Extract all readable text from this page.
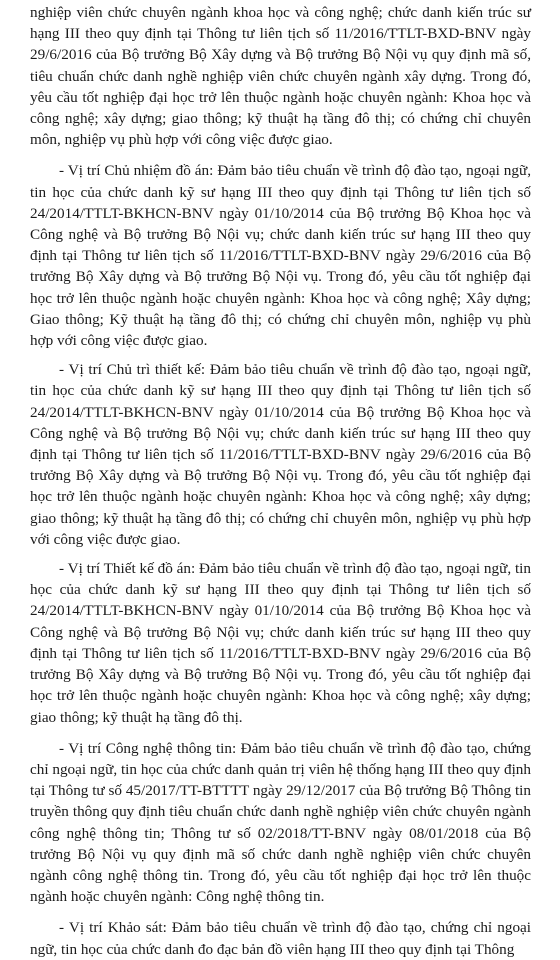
nghiệp viên chức chuyên ngành khoa học và công nghệ; chức danh kiến trúc sư hạng III theo quy định tại Thông tư liên tịch số 11/2016/TTLT-BXD-BNV ngày 29/6/2016 của Bộ trưởng Bộ Xây dựng và Bộ trưởng Bộ Nội vụ quy định mã số, tiêu chuẩn chức danh nghề nghiệp viên chức chuyên ngành xây dựng. Trong đó, yêu cầu tốt nghiệp đại học trở lên thuộc ngành hoặc chuyên ngành: Khoa học và công nghệ; xây dựng; giao thông; kỹ thuật hạ tầng đô thị; có chứng chỉ chuyên môn, nghiệp vụ phù hợp với công việc được giao.

- Vị trí Chủ nhiệm đồ án: Đảm bảo tiêu chuẩn về trình độ đào tạo, ngoại ngữ, tin học của chức danh kỹ sư hạng III theo quy định tại Thông tư liên tịch số 24/2014/TTLT-BKHCN-BNV ngày 01/10/2014 của Bộ trưởng Bộ Khoa học và Công nghệ và Bộ trưởng Bộ Nội vụ; chức danh kiến trúc sư hạng III theo quy định tại Thông tư liên tịch số 11/2016/TTLT-BXD-BNV ngày 29/6/2016 của Bộ trưởng Bộ Xây dựng và Bộ trưởng Bộ Nội vụ. Trong đó, yêu cầu tốt nghiệp đại học trở lên thuộc ngành hoặc chuyên ngành: Khoa học và công nghệ; Xây dựng; Giao thông; Kỹ thuật hạ tầng đô thị; có chứng chỉ chuyên môn, nghiệp vụ phù hợp với công việc được giao.

- Vị trí Chủ trì thiết kế: Đảm bảo tiêu chuẩn về trình độ đào tạo, ngoại ngữ, tin học của chức danh kỹ sư hạng III theo quy định tại Thông tư liên tịch số 24/2014/TTLT-BKHCN-BNV ngày 01/10/2014 của Bộ trưởng Bộ Khoa học và Công nghệ và Bộ trưởng Bộ Nội vụ; chức danh kiến trúc sư hạng III theo quy định tại Thông tư liên tịch số 11/2016/TTLT-BXD-BNV ngày 29/6/2016 của Bộ trưởng Bộ Xây dựng và Bộ trưởng Bộ Nội vụ. Trong đó, yêu cầu tốt nghiệp đại học trở lên thuộc ngành hoặc chuyên ngành: Khoa học và công nghệ; xây dựng; giao thông; kỹ thuật hạ tầng đô thị; có chứng chỉ chuyên môn, nghiệp vụ phù hợp với công việc được giao.

- Vị trí Thiết kế đồ án: Đảm bảo tiêu chuẩn về trình độ đào tạo, ngoại ngữ, tin học của chức danh kỹ sư hạng III theo quy định tại Thông tư liên tịch số 24/2014/TTLT-BKHCN-BNV ngày 01/10/2014 của Bộ trưởng Bộ Khoa học và Công nghệ và Bộ trưởng Bộ Nội vụ; chức danh kiến trúc sư hạng III theo quy định tại Thông tư liên tịch số 11/2016/TTLT-BXD-BNV ngày 29/6/2016 của Bộ trưởng Bộ Xây dựng và Bộ trưởng Bộ Nội vụ. Trong đó, yêu cầu tốt nghiệp đại học trở lên thuộc ngành hoặc chuyên ngành: Khoa học và công nghệ; xây dựng; giao thông; kỹ thuật hạ tầng đô thị.

- Vị trí Công nghệ thông tin: Đảm bảo tiêu chuẩn về trình độ đào tạo, chứng chỉ ngoại ngữ, tin học của chức danh quản trị viên hệ thống hạng III theo quy định tại Thông tư số 45/2017/TT-BTTTT ngày 29/12/2017 của Bộ trưởng Bộ Thông tin truyền thông quy định tiêu chuẩn chức danh nghề nghiệp viên chức chuyên ngành công nghệ thông tin; Thông tư số 02/2018/TT-BNV ngày 08/01/2018 của Bộ trưởng Bộ Nội vụ quy định mã số chức danh nghề nghiệp viên chức chuyên ngành công nghệ thông tin. Trong đó, yêu cầu tốt nghiệp đại học trở lên thuộc ngành hoặc chuyên ngành: Công nghệ thông tin.

- Vị trí Khảo sát: Đảm bảo tiêu chuẩn về trình độ đào tạo, chứng chỉ ngoại ngữ, tin học của chức danh đo đạc bản đồ viên hạng III theo quy định tại Thông
